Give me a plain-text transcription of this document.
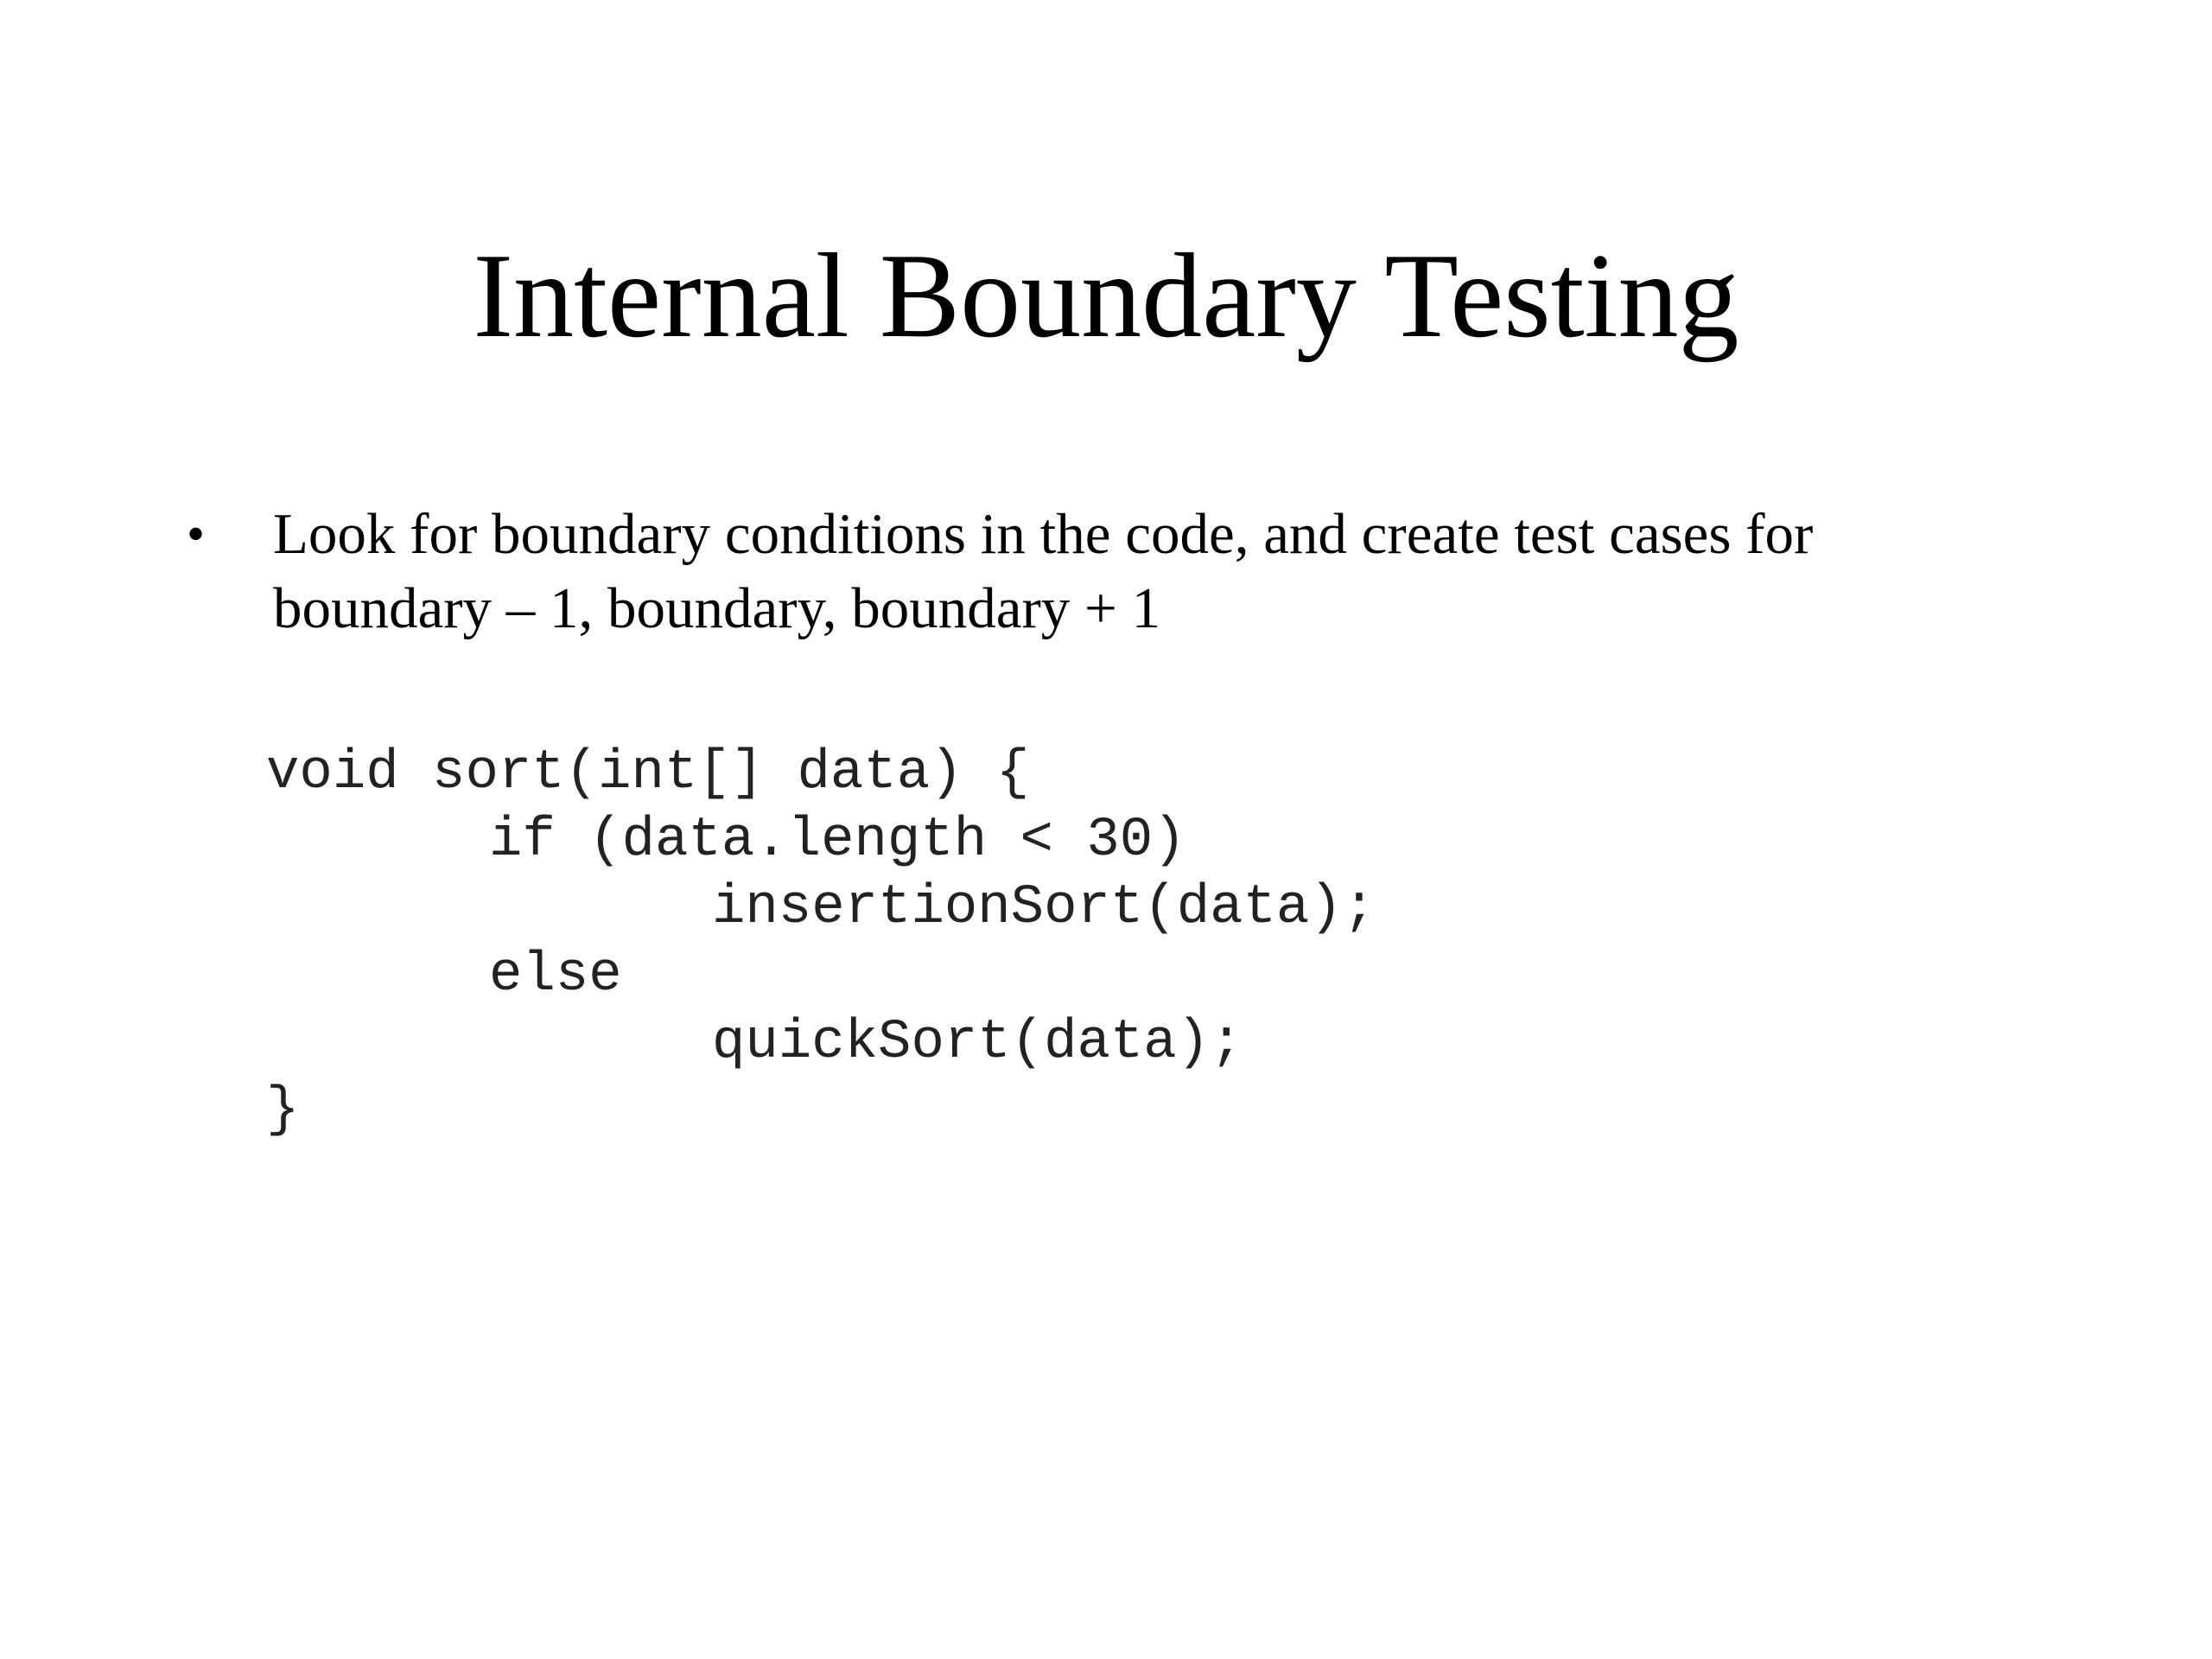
Internal Boundary Testing
•	Look for boundary conditions in the code, and create test cases for
boundary – 1, boundary, boundary + 1
void sort(int[] data) {
if (data.length < 30)
insertionSort(data);
else
quickSort(data);
}
